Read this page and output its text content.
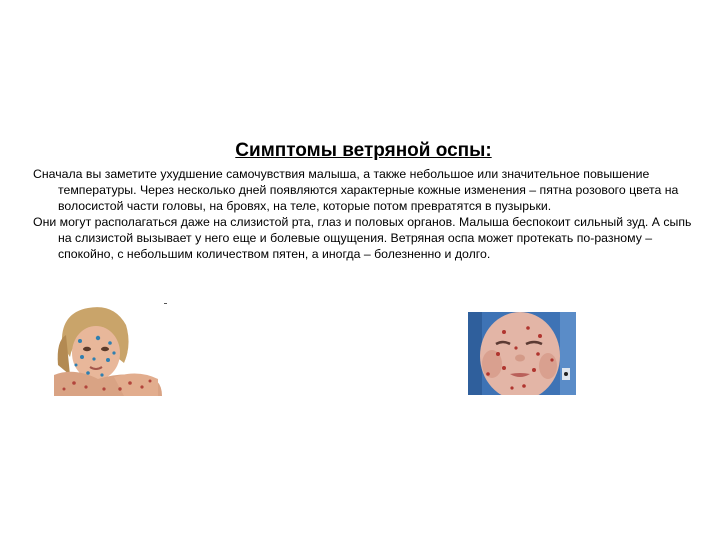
Симптомы ветряной оспы:

Сначала вы заметите ухудшение самочувствия малыша, а также небольшое или значительное повышение температуры. Через несколько дней появляются характерные кожные изменения – пятна розового цвета на волосистой части головы, на бровях, на теле, которые потом превратятся в пузырьки.

Они могут располагаться даже на слизистой рта, глаз и половых органов. Малыша беспокоит сильный зуд. А сыпь на слизистой вызывает у него еще и болевые ощущения. Ветряная оспа может протекать по-разному – спокойно, с небольшим количеством пятен, а иногда – болезненно и долго.
